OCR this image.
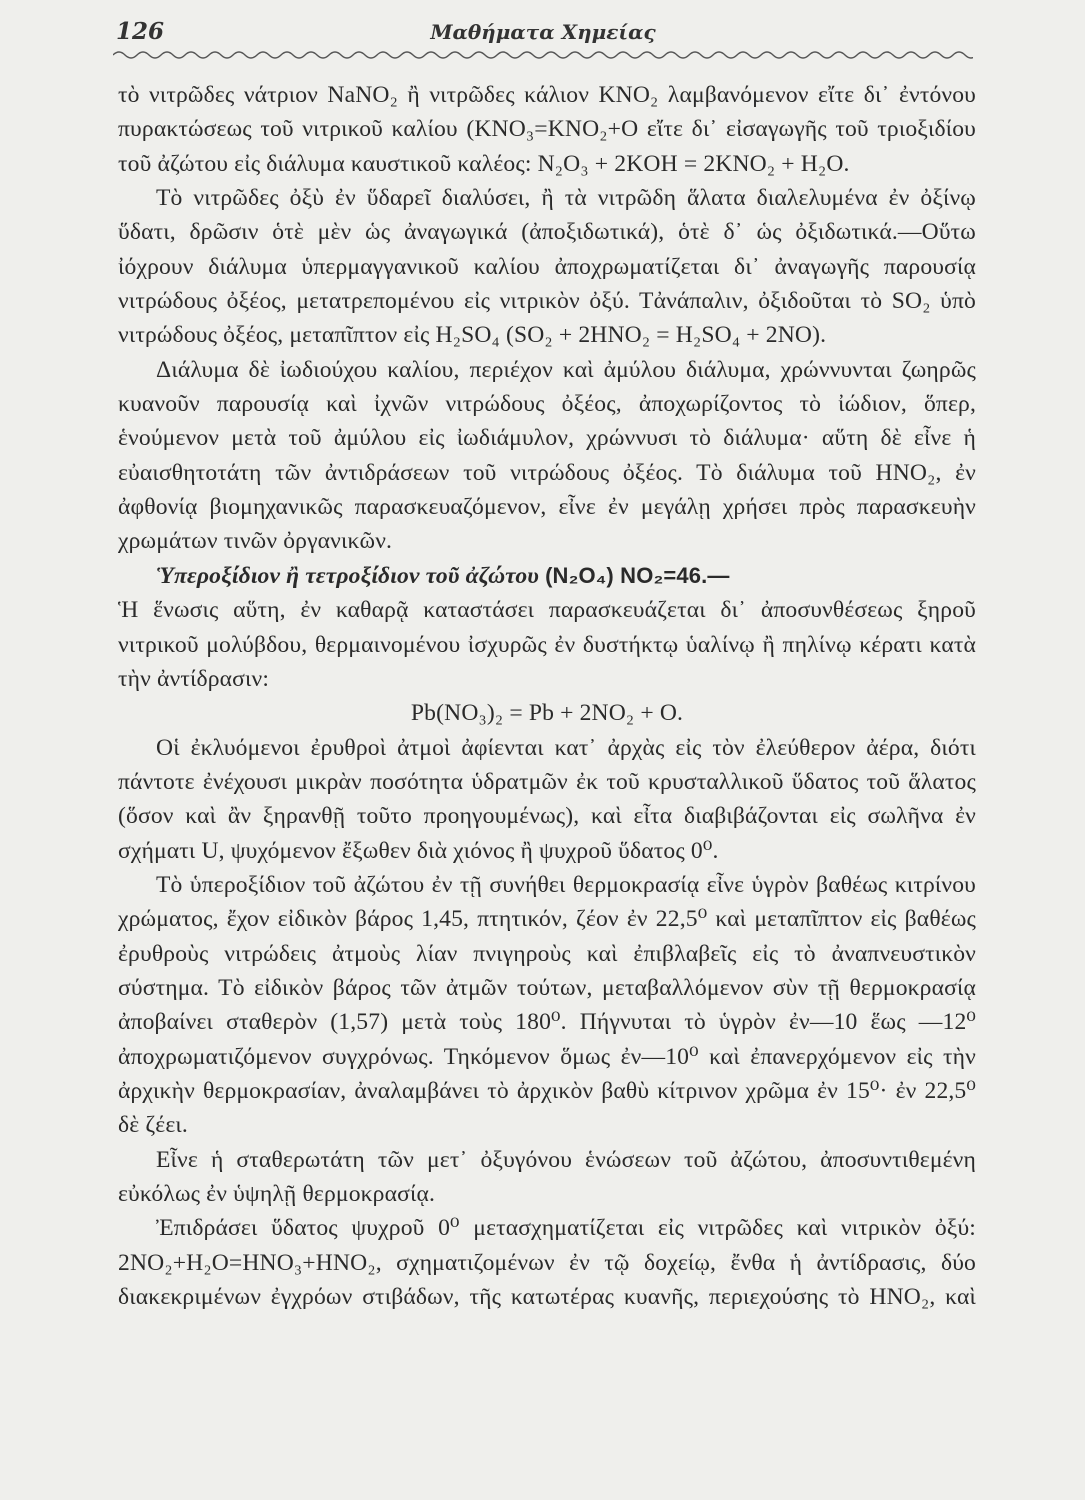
126	Μαθήματα Χημείας

τὸ νιτρῶδες νάτριον NaNO₂ ἢ νιτρῶδες κάλιον KNO₂ λαμβανόμενον εἴτε δι᾽ ἐντόνου πυρακτώσεως τοῦ νιτρικοῦ καλίου (KNO₃=KNO₂+O εἴτε δι᾽ εἰσαγωγῆς τοῦ τριοξιδίου τοῦ ἀζώτου εἰς διάλυμα καυστικοῦ καλέος: N₂O₃ + 2KOH = 2KNO₂ + H₂O.

Τὸ νιτρῶδες ὀξὺ ἐν ὕδαρεῖ διαλύσει, ἢ τὰ νιτρῶδη ἅλατα διαλελυμένα ἐν ὀξίνῳ ὕδατι, δρῶσιν ὁτὲ μὲν ὡς ἀναγωγικά (ἀποξιδωτικά), ὁτὲ δ᾽ ὡς ὀξιδωτικά.—Οὕτω ἰόχρουν διάλυμα ὑπερμαγγανικοῦ καλίου ἀποχρωματίζεται δι᾽ ἀναγωγῆς παρουσίᾳ νιτρώδους ὀξέος, μετατρεπομένου εἰς νιτρικὸν ὀξύ. Τἀνάπαλιν, ὀξιδοῦται τὸ SO₂ ὑπὸ νιτρώδους ὀξέος, μεταπῖπτον εἰς H₂SO₄ (SO₂ + 2HNO₂ = H₂SO₄ + 2NO).

Διάλυμα δὲ ἰωδιούχου καλίου, περιέχον καὶ ἀμύλου διάλυμα, χρώννυνται ζωηρῶς κυανοῦν παρουσίᾳ καὶ ἰχνῶν νιτρώδους ὀξέος, ἀποχωρίζοντος τὸ ἰώδιον, ὅπερ, ἑνούμενον μετὰ τοῦ ἀμύλου εἰς ἰωδιάμυλον, χρώννυσι τὸ διάλυμα· αὕτη δὲ εἶνε ἡ εὐαισθητοτάτη τῶν ἀντιδράσεων τοῦ νιτρώδους ὀξέος. Τὸ διάλυμα τοῦ HNO₂, ἐν ἀφθονίᾳ βιομηχανικῶς παρασκευαζόμενον, εἶνε ἐν μεγάλῃ χρήσει πρὸς παρασκευὴν χρωμάτων τινῶν ὀργανικῶν.

Ὑπεροξίδιον ἢ τετροξίδιον τοῦ ἀζώτου (N₂O₄) NO₂=46.—

Ἡ ἕνωσις αὕτη, ἐν καθαρᾷ καταστάσει παρασκευάζεται δι᾽ ἀποσυνθέσεως ξηροῦ νιτρικοῦ μολύβδου, θερμαινομένου ἰσχυρῶς ἐν δυστήκτῳ ὑαλίνῳ ἢ πηλίνῳ κέρατι κατὰ τὴν ἀντίδρασιν:

Pb(NO₃)₂ = Pb + 2NO₂ + O.

Οἱ ἐκλυόμενοι ἐρυθροὶ ἀτμοὶ ἀφίενται κατ᾽ ἀρχὰς εἰς τὸν ἐλεύθερον ἀέρα, διότι πάντοτε ἐνέχουσι μικρὰν ποσότητα ὑδρατμῶν ἐκ τοῦ κρυσταλλικοῦ ὕδατος τοῦ ἅλατος (ὅσον καὶ ἂν ξηρανθῇ τοῦτο προηγουμένως), καὶ εἶτα διαβιβάζονται εἰς σωλῆνα ἐν σχήματι U, ψυχόμενον ἔξωθεν διὰ χιόνος ἢ ψυχροῦ ὕδατος 0⁰.

Τὸ ὑπεροξίδιον τοῦ ἀζώτου ἐν τῇ συνήθει θερμοκρασίᾳ εἶνε ὑγρὸν βαθέως κιτρίνου χρώματος, ἔχον εἰδικὸν βάρος 1,45, πτητικόν, ζέον ἐν 22,5⁰ καὶ μεταπῖπτον εἰς βαθέως ἐρυθροὺς νιτρώδεις ἀτμοὺς λίαν πνιγηροὺς καὶ ἐπιβλαβεῖς εἰς τὸ ἀναπνευστικὸν σύστημα. Τὸ εἰδικὸν βάρος τῶν ἀτμῶν τούτων, μεταβαλλόμενον σὺν τῇ θερμοκρασίᾳ ἀποβαίνει σταθερὸν (1,57) μετὰ τοὺς 180⁰. Πήγνυται τὸ ὑγρὸν ἐν—10 ἕως —12⁰ ἀποχρωματιζόμενον συγχρόνως. Τηκόμενον ὅμως ἐν—10⁰ καὶ ἐπανερχόμενον εἰς τὴν ἀρχικὴν θερμοκρασίαν, ἀναλαμβάνει τὸ ἀρχικὸν βαθὺ κίτρινον χρῶμα ἐν 15⁰· ἐν 22,5⁰ δὲ ζέει.

Εἶνε ἡ σταθερωτάτη τῶν μετ᾽ ὀξυγόνου ἑνώσεων τοῦ ἀζώτου, ἀποσυντιθεμένη εὐκόλως ἐν ὑψηλῇ θερμοκρασίᾳ.

Ἐπιδράσει ὕδατος ψυχροῦ 0⁰ μετασχηματίζεται εἰς νιτρῶδες καὶ νιτρικὸν ὀξύ: 2NO₂+H₂O=HNO₃+HNO₂, σχηματιζομένων ἐν τῷ δοχείῳ, ἔνθα ἡ ἀντίδρασις, δύο διακεκριμένων ἐγχρόων στιβάδων, τῆς κατωτέρας κυανῆς, περιεχούσης τὸ HNO₂, καὶ
